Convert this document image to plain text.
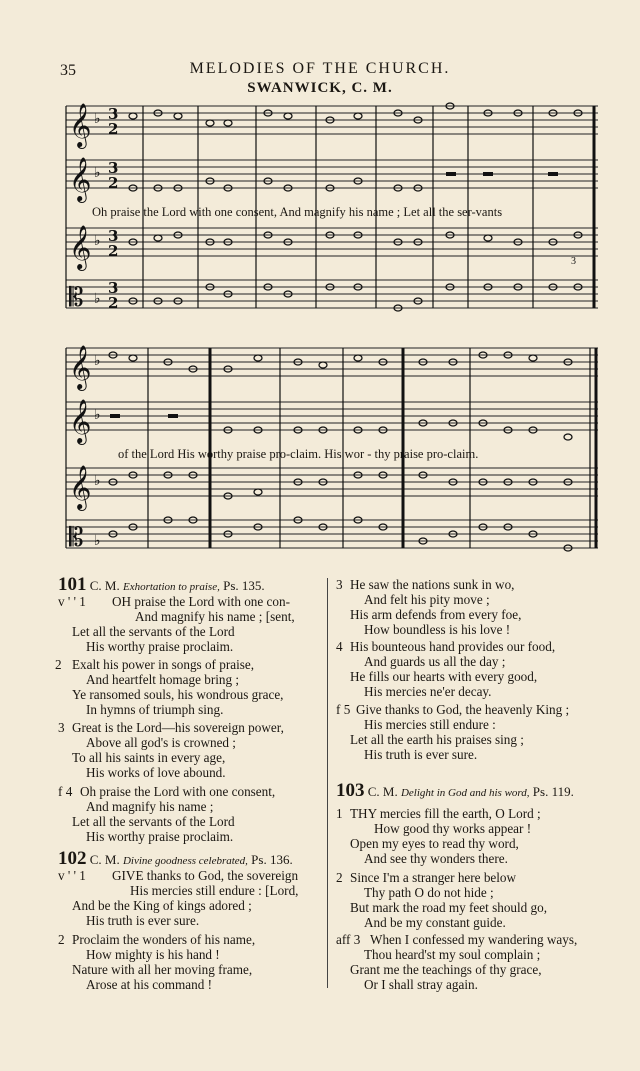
35	MELODIES OF THE CHURCH.
SWANWICK, C. M.
𝄞
𝄞
𝄞
𝄡
♭
♭
♭
♭
3
2
3
2
3
2
3
2
3
Oh praise the Lord with one consent, And magnify his name ; Let all the ser-vants
𝄞
𝄞
𝄞
𝄡
♭
♭
♭
♭
of the Lord His worthy praise pro-claim. His wor - thy praise pro-claim.
101 C. M. Exhortation to praise, Ps. 135.
v ' ' 1 OH praise the Lord with one con-
And magnify his name ; [sent,
Let all the servants of the Lord
His worthy praise proclaim.
2 Exalt his power in songs of praise,
And heartfelt homage bring ;
Ye ransomed souls, his wondrous grace,
In hymns of triumph sing.
3 Great is the Lord—his sovereign power,
Above all god's is crowned ;
To all his saints in every age,
His works of love abound.
f 4 Oh praise the Lord with one consent,
And magnify his name ;
Let all the servants of the Lord
His worthy praise proclaim.
102 C. M. Divine goodness celebrated, Ps. 136.
v ' ' 1 GIVE thanks to God, the sovereign
His mercies still endure : [Lord,
And be the King of kings adored ;
His truth is ever sure.
2 Proclaim the wonders of his name,
How mighty is his hand !
Nature with all her moving frame,
Arose at his command !
3 He saw the nations sunk in wo,
And felt his pity move ;
His arm defends from every foe,
How boundless is his love !
4 His bounteous hand provides our food,
And guards us all the day ;
He fills our hearts with every good,
His mercies ne'er decay.
f 5 Give thanks to God, the heavenly King ;
His mercies still endure :
Let all the earth his praises sing ;
His truth is ever sure.
103 C. M. Delight in God and his word, Ps. 119.
1 THY mercies fill the earth, O Lord ;
How good thy works appear !
Open my eyes to read thy word,
And see thy wonders there.
2 Since I'm a stranger here below
Thy path O do not hide ;
But mark the road my feet should go,
And be my constant guide.
aff 3 When I confessed my wandering ways,
Thou heard'st my soul complain ;
Grant me the teachings of thy grace,
Or I shall stray again.
